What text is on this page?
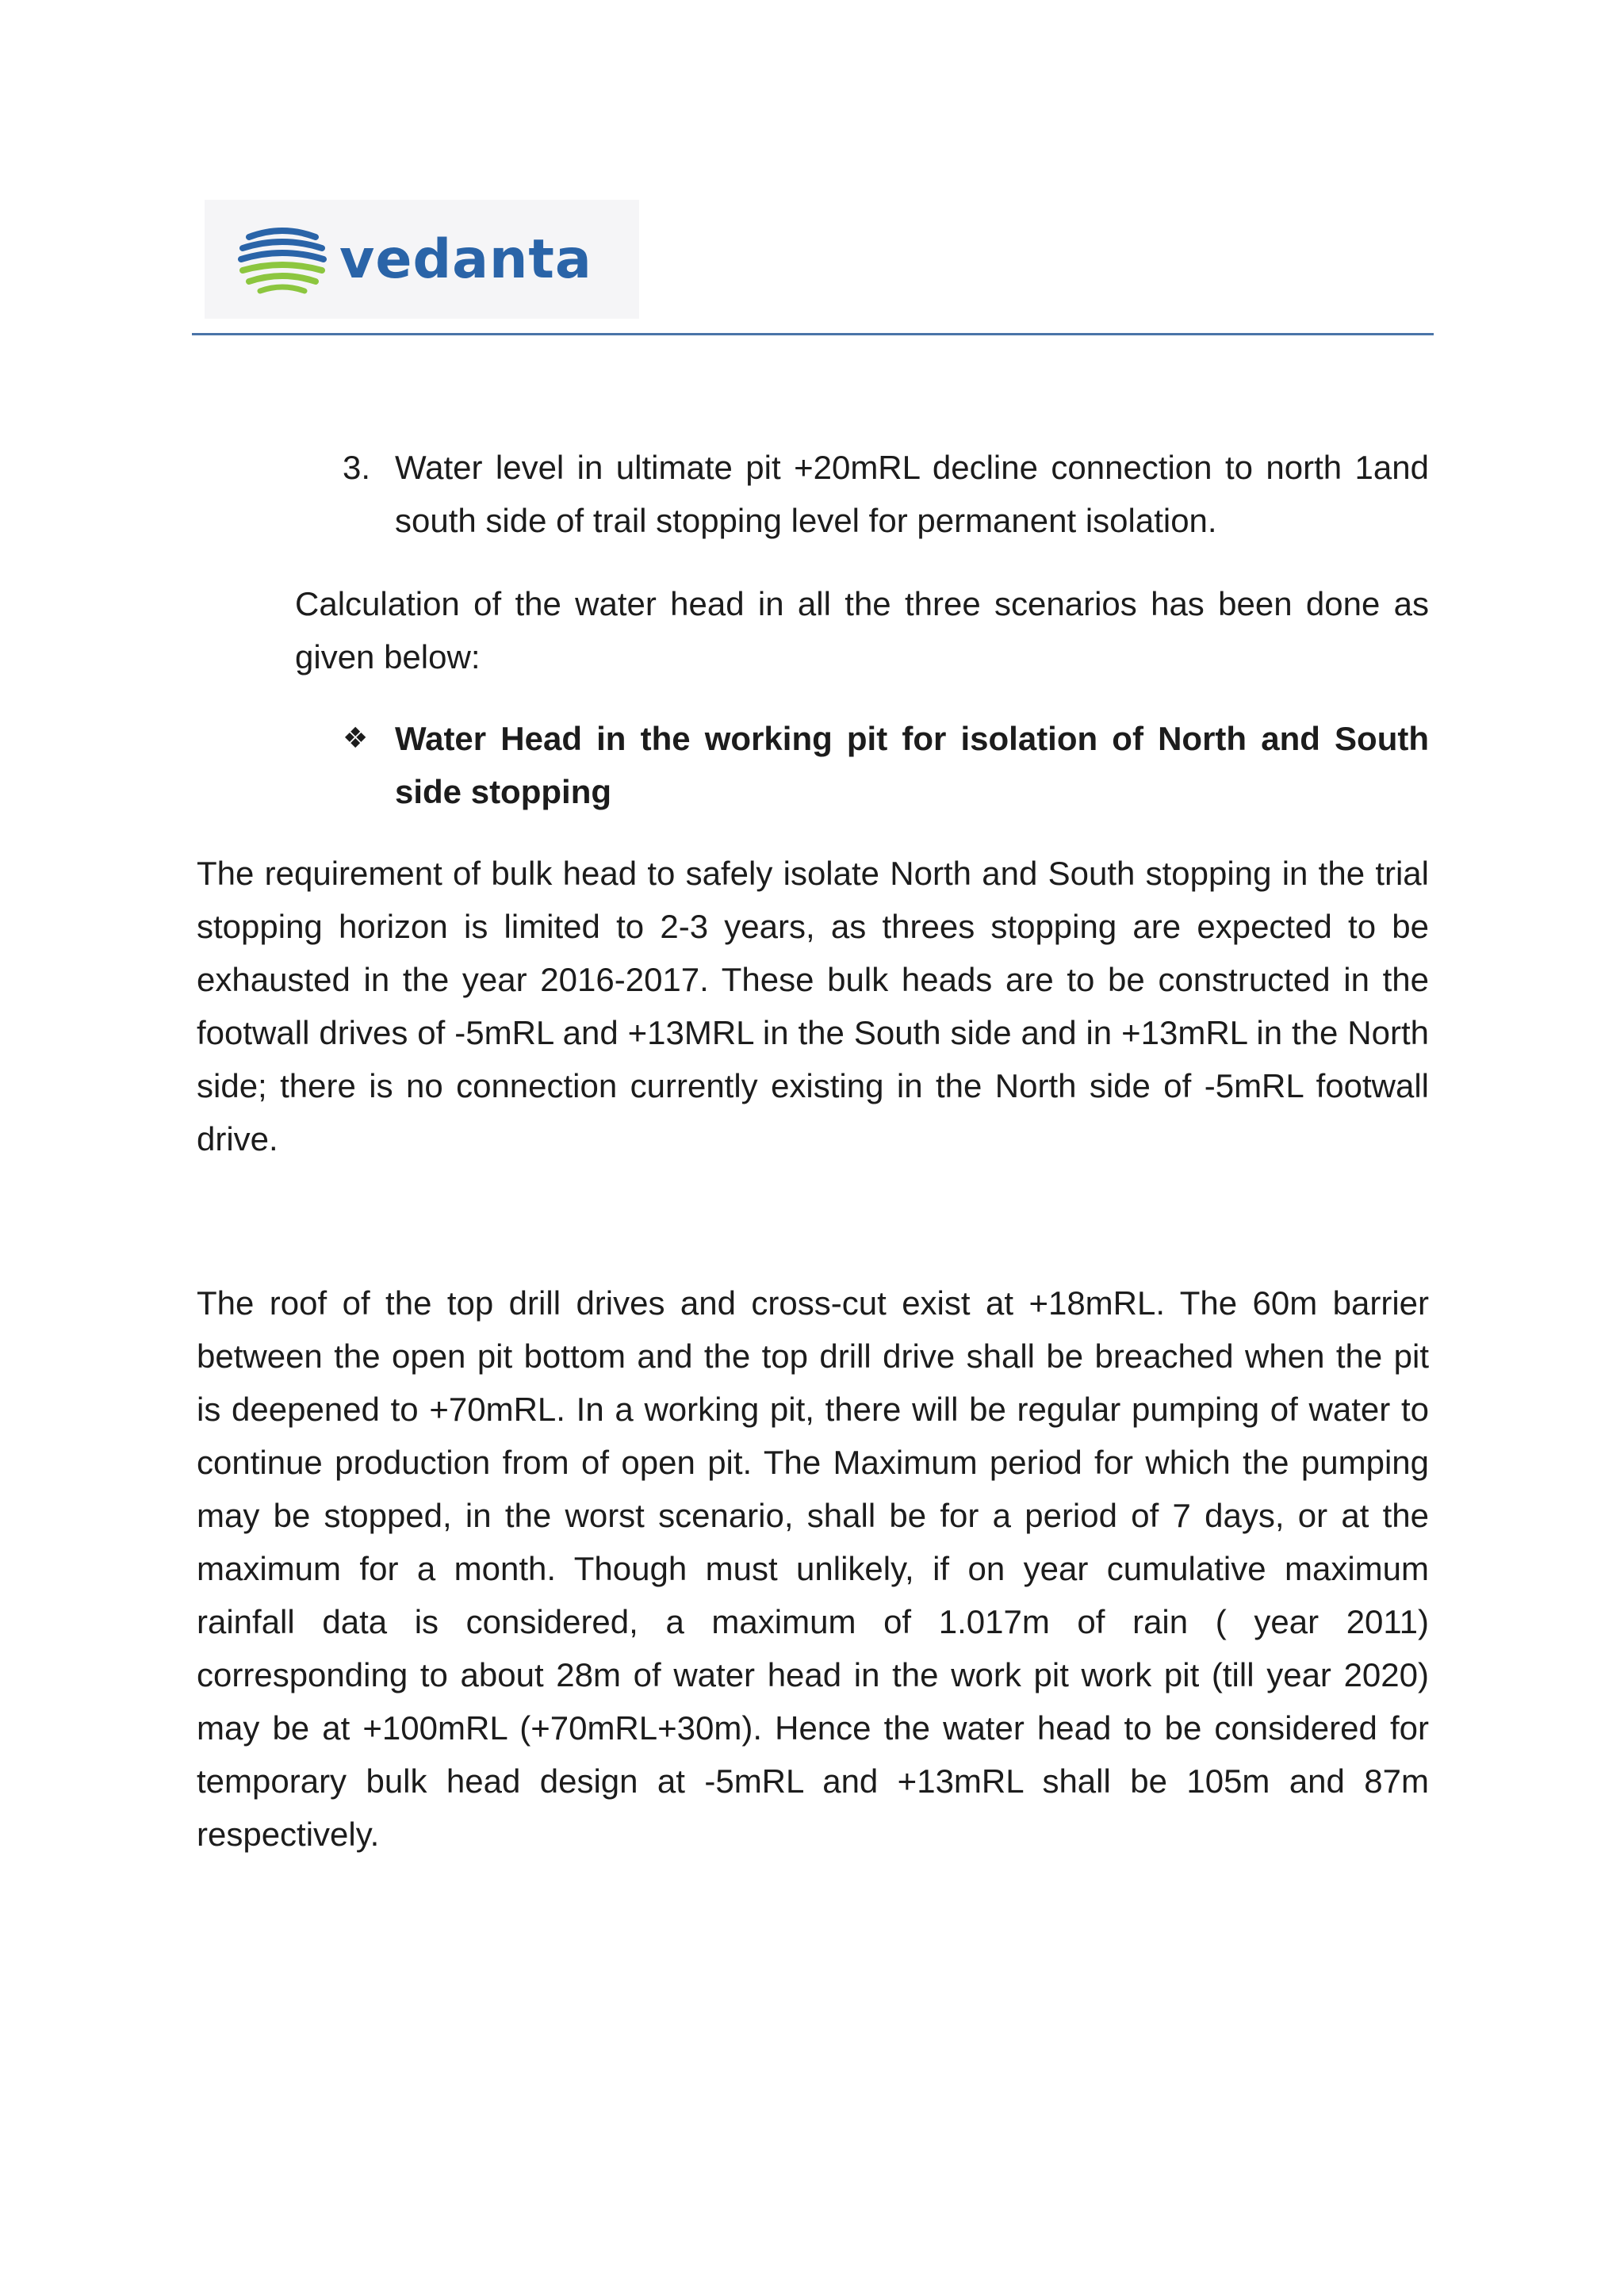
vedanta
3. Water level in ultimate pit +20mRL decline connection to north 1and south side of trail stopping level for permanent isolation.

Calculation of the water head in all the three scenarios has been done as given below:

❖ Water Head in the working pit for isolation of North and South side stopping

The requirement of bulk head to safely isolate North and South stopping in the trial stopping horizon is limited to 2-3 years, as threes stopping are expected to be exhausted in the year 2016-2017. These bulk heads are to be constructed in the footwall drives of -5mRL and +13MRL in the South side and in +13mRL in the North side; there is no connection currently existing in the North side of -5mRL footwall drive.

The roof of the top drill drives and cross-cut exist at +18mRL. The 60m barrier between the open pit bottom and the top drill drive shall be breached when the pit is deepened to +70mRL. In a working pit, there will be regular pumping of water to continue production from of open pit. The Maximum period for which the pumping may be stopped, in the worst scenario, shall be for a period of 7 days, or at the maximum for a month. Though must unlikely, if on year cumulative maximum rainfall data is considered, a maximum of 1.017m of rain ( year 2011) corresponding to about 28m of water head in the work pit work pit (till year 2020) may be at +100mRL (+70mRL+30m). Hence the water head to be considered for temporary bulk head design at -5mRL and +13mRL shall be 105m and 87m respectively.
